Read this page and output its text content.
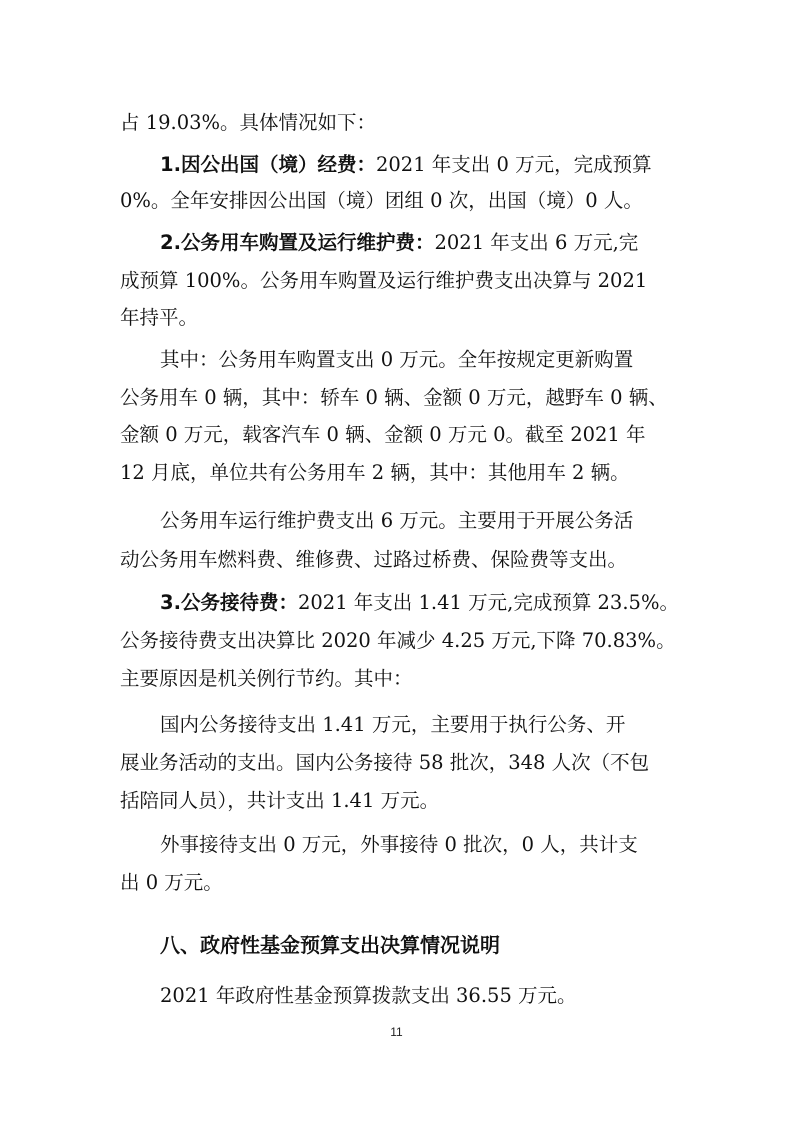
占 19.03%。具体情况如下：
1.因公出国（境）经费：2021 年支出 0 万元，完成预算
0%。全年安排因公出国（境）团组 0 次，出国（境）0 人。
2.公务用车购置及运行维护费：2021 年支出 6 万元,完
成预算 100%。公务用车购置及运行维护费支出决算与 2021
年持平。
其中：公务用车购置支出 0 万元。全年按规定更新购置
公务用车 0 辆，其中：轿车 0 辆、金额 0 万元，越野车 0 辆、
金额 0 万元，载客汽车 0 辆、金额 0 万元 0。截至 2021 年
12 月底，单位共有公务用车 2 辆，其中：其他用车 2 辆。
公务用车运行维护费支出 6 万元。主要用于开展公务活
动公务用车燃料费、维修费、过路过桥费、保险费等支出。
3.公务接待费：2021 年支出 1.41 万元,完成预算 23.5%。
公务接待费支出决算比 2020 年减少 4.25 万元,下降 70.83%。
主要原因是机关例行节约。其中：
国内公务接待支出 1.41 万元，主要用于执行公务、开
展业务活动的支出。国内公务接待 58 批次，348 人次（不包
括陪同人员），共计支出 1.41 万元。
外事接待支出 0 万元，外事接待 0 批次，0 人，共计支
出 0 万元。
八、政府性基金预算支出决算情况说明
2021 年政府性基金预算拨款支出 36.55 万元。
11
